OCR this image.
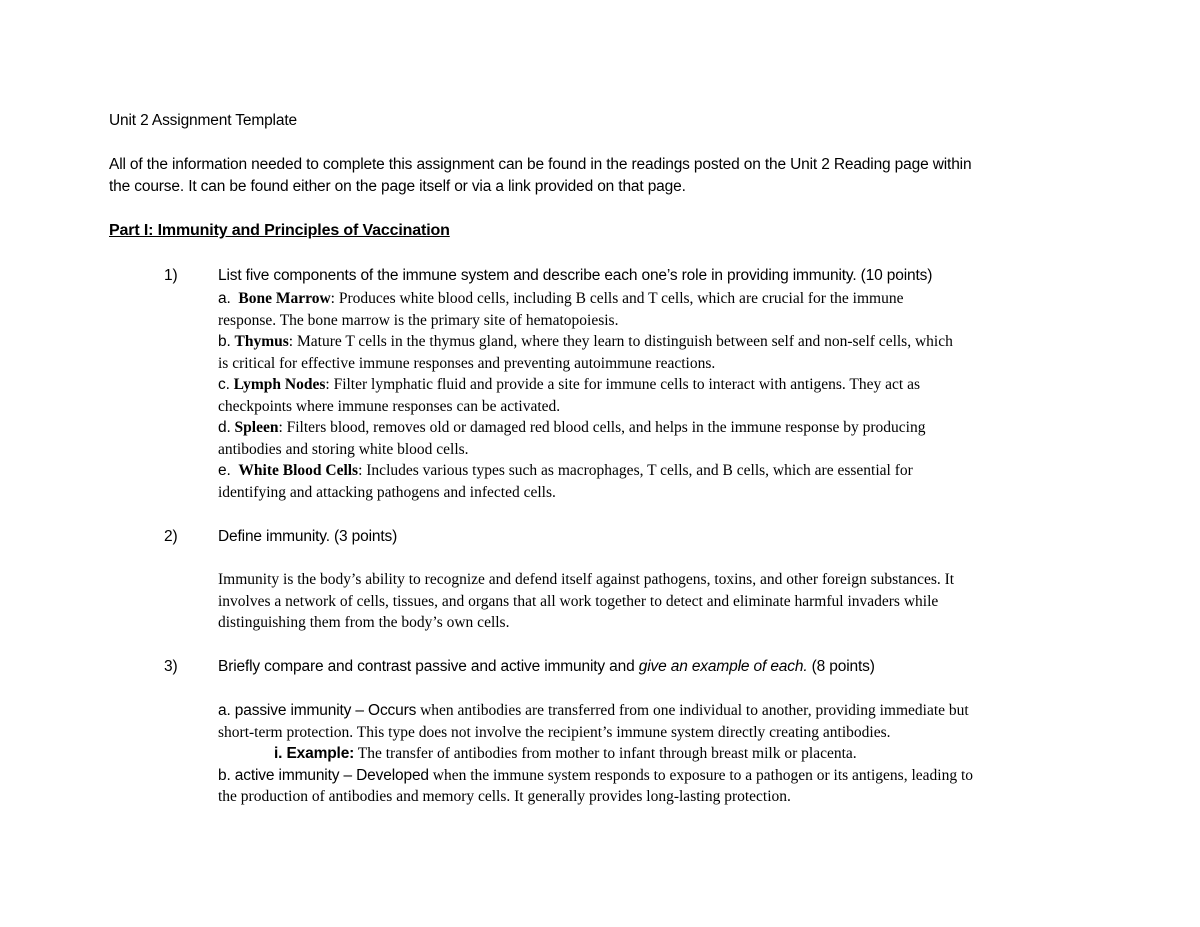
Unit 2 Assignment Template
All of the information needed to complete this assignment can be found in the readings posted on the Unit 2 Reading page within
the course. It can be found either on the page itself or via a link provided on that page.
Part I: Immunity and Principles of Vaccination
1)	List five components of the immune system and describe each one’s role in providing immunity. (10 points)
a. Bone Marrow: Produces white blood cells, including B cells and T cells, which are crucial for the immune
response. The bone marrow is the primary site of hematopoiesis.
b. Thymus: Mature T cells in the thymus gland, where they learn to distinguish between self and non-self cells, which
is critical for effective immune responses and preventing autoimmune reactions.
c. Lymph Nodes: Filter lymphatic fluid and provide a site for immune cells to interact with antigens. They act as
checkpoints where immune responses can be activated.
d. Spleen: Filters blood, removes old or damaged red blood cells, and helps in the immune response by producing
antibodies and storing white blood cells.
e. White Blood Cells: Includes various types such as macrophages, T cells, and B cells, which are essential for
identifying and attacking pathogens and infected cells.
2)	Define immunity. (3 points)
Immunity is the body’s ability to recognize and defend itself against pathogens, toxins, and other foreign substances. It
involves a network of cells, tissues, and organs that all work together to detect and eliminate harmful invaders while
distinguishing them from the body’s own cells.
3)	Briefly compare and contrast passive and active immunity and give an example of each. (8 points)
a. passive immunity – Occurs when antibodies are transferred from one individual to another, providing immediate but
short-term protection. This type does not involve the recipient’s immune system directly creating antibodies.
i. Example: The transfer of antibodies from mother to infant through breast milk or placenta.
b. active immunity – Developed when the immune system responds to exposure to a pathogen or its antigens, leading to
the production of antibodies and memory cells. It generally provides long-lasting protection.
